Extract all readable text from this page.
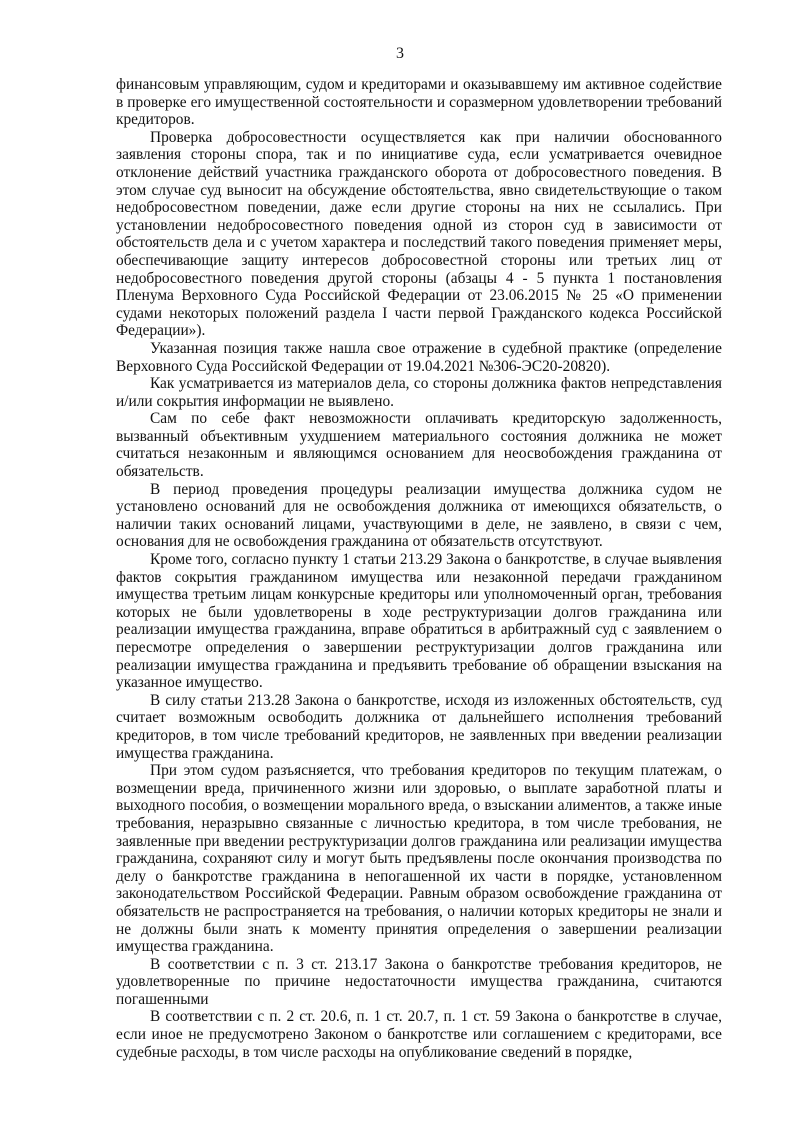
3

финансовым управляющим, судом и кредиторами и оказывавшему им активное содействие в проверке его имущественной состоятельности и соразмерном удовлетворении требований кредиторов.

Проверка добросовестности осуществляется как при наличии обоснованного заявления стороны спора, так и по инициативе суда, если усматривается очевидное отклонение действий участника гражданского оборота от добросовестного поведения. В этом случае суд выносит на обсуждение обстоятельства, явно свидетельствующие о таком недобросовестном поведении, даже если другие стороны на них не ссылались. При установлении недобросовестного поведения одной из сторон суд в зависимости от обстоятельств дела и с учетом характера и последствий такого поведения применяет меры, обеспечивающие защиту интересов добросовестной стороны или третьих лиц от недобросовестного поведения другой стороны (абзацы 4 - 5 пункта 1 постановления Пленума Верховного Суда Российской Федерации от 23.06.2015 № 25 «О применении судами некоторых положений раздела I части первой Гражданского кодекса Российской Федерации»).

Указанная позиция также нашла свое отражение в судебной практике (определение Верховного Суда Российской Федерации от 19.04.2021 №306-ЭС20-20820).

Как усматривается из материалов дела, со стороны должника фактов непредставления и/или сокрытия информации не выявлено.

Сам по себе факт невозможности оплачивать кредиторскую задолженность, вызванный объективным ухудшением материального состояния должника не может считаться незаконным и являющимся основанием для неосвобождения гражданина от обязательств.

В период проведения процедуры реализации имущества должника судом не установлено оснований для не освобождения должника от имеющихся обязательств, о наличии таких оснований лицами, участвующими в деле, не заявлено, в связи с чем, основания для не освобождения гражданина от обязательств отсутствуют.

Кроме того, согласно пункту 1 статьи 213.29 Закона о банкротстве, в случае выявления фактов сокрытия гражданином имущества или незаконной передачи гражданином имущества третьим лицам конкурсные кредиторы или уполномоченный орган, требования которых не были удовлетворены в ходе реструктуризации долгов гражданина или реализации имущества гражданина, вправе обратиться в арбитражный суд с заявлением о пересмотре определения о завершении реструктуризации долгов гражданина или реализации имущества гражданина и предъявить требование об обращении взыскания на указанное имущество.

В силу статьи 213.28 Закона о банкротстве, исходя из изложенных обстоятельств, суд считает возможным освободить должника от дальнейшего исполнения требований кредиторов, в том числе требований кредиторов, не заявленных при введении реализации имущества гражданина.

При этом судом разъясняется, что требования кредиторов по текущим платежам, о возмещении вреда, причиненного жизни или здоровью, о выплате заработной платы и выходного пособия, о возмещении морального вреда, о взыскании алиментов, а также иные требования, неразрывно связанные с личностью кредитора, в том числе требования, не заявленные при введении реструктуризации долгов гражданина или реализации имущества гражданина, сохраняют силу и могут быть предъявлены после окончания производства по делу о банкротстве гражданина в непогашенной их части в порядке, установленном законодательством Российской Федерации. Равным образом освобождение гражданина от обязательств не распространяется на требования, о наличии которых кредиторы не знали и не должны были знать к моменту принятия определения о завершении реализации имущества гражданина.

В соответствии с п. 3 ст. 213.17 Закона о банкротстве требования кредиторов, не удовлетворенные по причине недостаточности имущества гражданина, считаются погашенными

В соответствии с п. 2 ст. 20.6, п. 1 ст. 20.7, п. 1 ст. 59 Закона о банкротстве в случае, если иное не предусмотрено Законом о банкротстве или соглашением с кредиторами, все судебные расходы, в том числе расходы на опубликование сведений в порядке,
